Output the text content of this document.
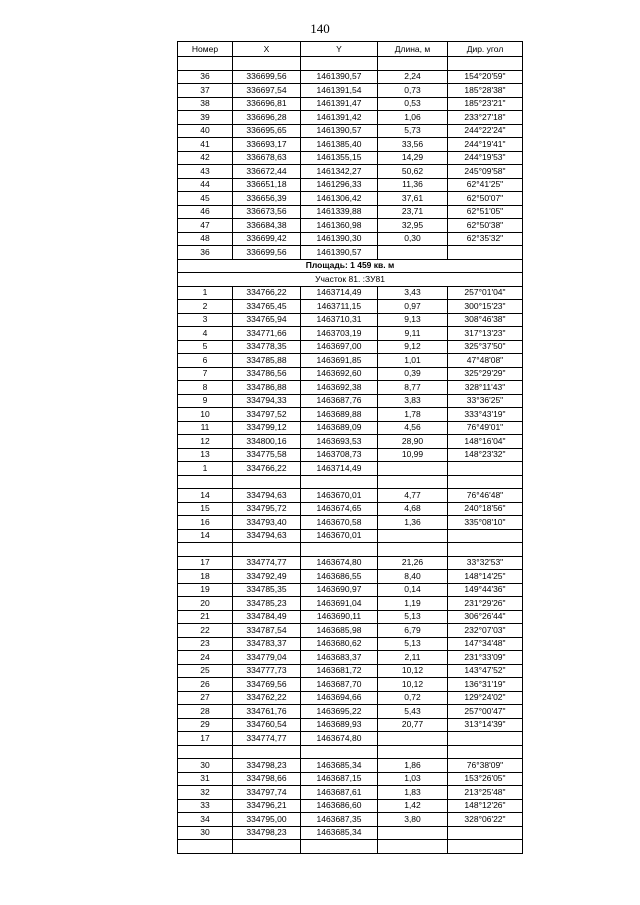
140
Номер	X	Y	Длина, м	Дир. угол

36	336699,56	1461390,57	2,24	154°20'59"
37	336697,54	1461391,54	0,73	185°28'38"
38	336696,81	1461391,47	0,53	185°23'21"
39	336696,28	1461391,42	1,06	233°27'18"
40	336695,65	1461390,57	5,73	244°22'24"
41	336693,17	1461385,40	33,56	244°19'41"
42	336678,63	1461355,15	14,29	244°19'53"
43	336672,44	1461342,27	50,62	245°09'58"
44	336651,18	1461296,33	11,36	62°41'25"
45	336656,39	1461306,42	37,61	62°50'07"
46	336673,56	1461339,88	23,71	62°51'05"
47	336684,38	1461360,98	32,95	62°50'38"
48	336699,42	1461390,30	0,30	62°35'32"
36	336699,56	1461390,57		
Площадь: 1 459 кв. м				
Участок 81. :ЗУ81				
1	334766,22	1463714,49	3,43	257°01'04"
2	334765,45	1463711,15	0,97	300°15'23"
3	334765,94	1463710,31	9,13	308°46'38"
4	334771,66	1463703,19	9,11	317°13'23"
5	334778,35	1463697,00	9,12	325°37'50"
6	334785,88	1463691,85	1,01	47°48'08"
7	334786,56	1463692,60	0,39	325°29'29"
8	334786,88	1463692,38	8,77	328°11'43"
9	334794,33	1463687,76	3,83	33°36'25"
10	334797,52	1463689,88	1,78	333°43'19"
11	334799,12	1463689,09	4,56	76°49'01"
12	334800,16	1463693,53	28,90	148°16'04"
13	334775,58	1463708,73	10,99	148°23'32"
1	334766,22	1463714,49		

14	334794,63	1463670,01	4,77	76°46'48"
15	334795,72	1463674,65	4,68	240°18'56"
16	334793,40	1463670,58	1,36	335°08'10"
14	334794,63	1463670,01		

17	334774,77	1463674,80	21,26	33°32'53"
18	334792,49	1463686,55	8,40	148°14'25"
19	334785,35	1463690,97	0,14	149°44'36"
20	334785,23	1463691,04	1,19	231°29'26"
21	334784,49	1463690,11	5,13	306°26'44"
22	334787,54	1463685,98	6,79	232°07'03"
23	334783,37	1463680,62	5,13	147°34'48"
24	334779,04	1463683,37	2,11	231°33'09"
25	334777,73	1463681,72	10,12	143°47'52"
26	334769,56	1463687,70	10,12	136°31'19"
27	334762,22	1463694,66	0,72	129°24'02"
28	334761,76	1463695,22	5,43	257°00'47"
29	334760,54	1463689,93	20,77	313°14'39"
17	334774,77	1463674,80		

30	334798,23	1463685,34	1,86	76°38'09"
31	334798,66	1463687,15	1,03	153°26'05"
32	334797,74	1463687,61	1,83	213°25'48"
33	334796,21	1463686,60	1,42	148°12'26"
34	334795,00	1463687,35	3,80	328°06'22"
30	334798,23	1463685,34		
